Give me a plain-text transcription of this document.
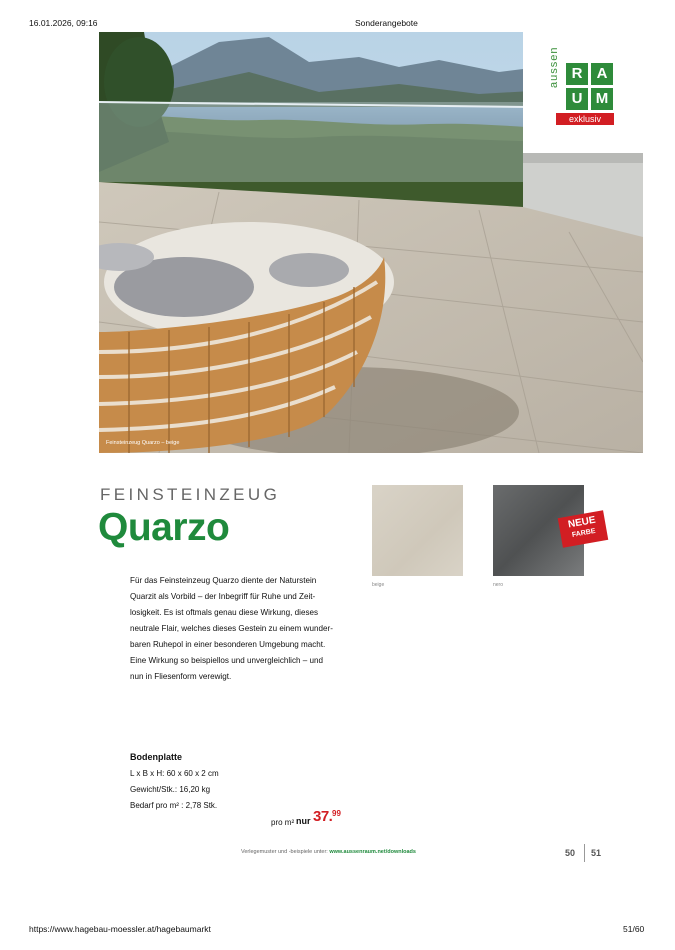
16.01.2026, 09:16	Sonderangebote
Feinsteinzeug Quarzo – beige
aussen R A
U M
exklusiv
FEINSTEINZEUG
Quarzo
beige	nero
NEUE
FARBE
Für das Feinsteinzeug Quarzo diente der Naturstein
Quarzit als Vorbild – der Inbegriff für Ruhe und Zeit-
losigkeit. Es ist oftmals genau diese Wirkung, dieses
neutrale Flair, welches dieses Gestein zu einem wunder-
baren Ruhepol in einer besonderen Umgebung macht.
Eine Wirkung so beispiellos und unvergleichlich – und
nun in Fliesenform verewigt.
Bodenplatte
L x B x H: 60 x 60 x 2 cm
Gewicht/Stk.: 16,20 kg
Bedarf pro m² : 2,78 Stk.
pro m² nur 37. 99
Verlegemuster und -beispiele unter: www.aussenraum.net/downloads	50 51
https://www.hagebau-moessler.at/hagebaumarkt	51/60
